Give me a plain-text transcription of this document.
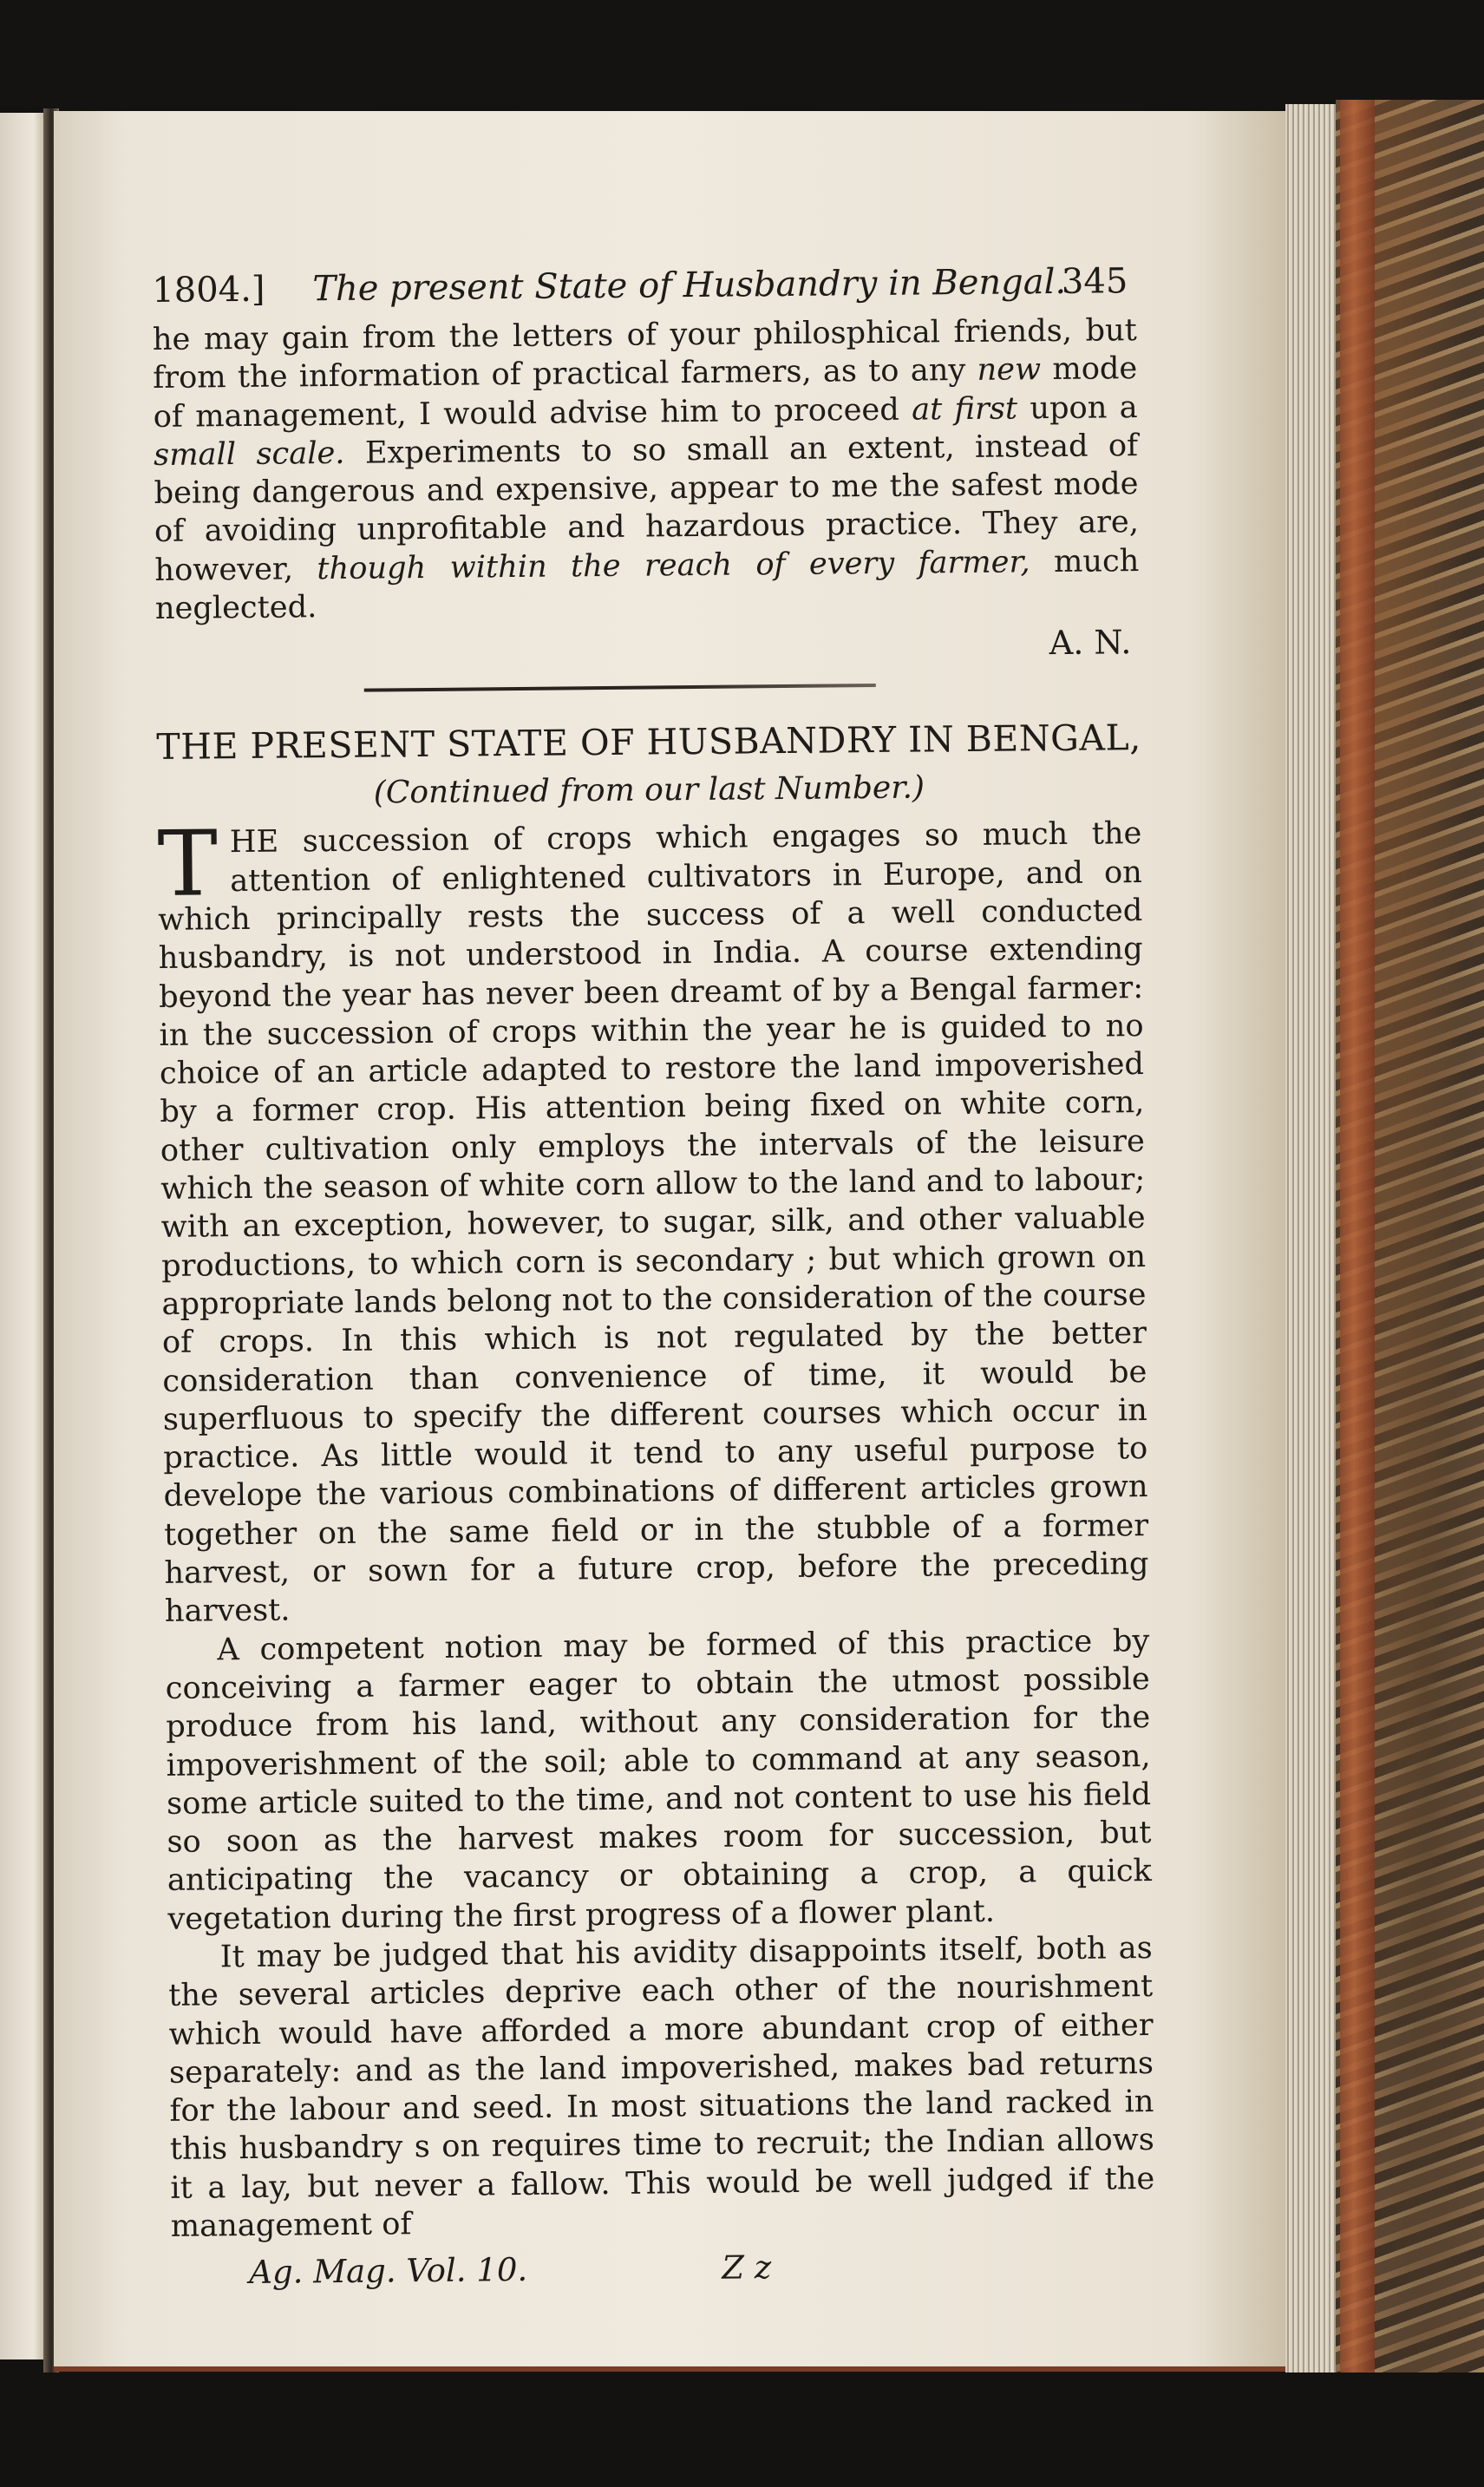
1804.] The present State of Husbandry in Bengal.
345

he may gain from the letters of your philosphical friends, but from the information of practical farmers, as to any new mode of management, I would advise him to proceed at first upon a small scale. Experiments to so small an extent, instead of being dangerous and expensive, appear to me the safest mode of avoiding unprofitable and hazardous practice. They are, however, though within the reach of every farmer, much neglected.

A. N.

THE PRESENT STATE OF HUSBANDRY IN BENGAL,
(Continued from our last Number.)
T HE succession of crops which engages so much the attention of enlightened cultivators in Europe, and on which principally rests the success of a well conducted husbandry, is not understood in India. A course extending beyond the year has never been dreamt of by a Bengal farmer: in the succession of crops within the year he is guided to no choice of an article adapted to restore the land impoverished by a former crop. His attention being fixed on white corn, other cultivation only employs the intervals of the leisure which the season of white corn allow to the land and to labour; with an exception, however, to sugar, silk, and other valuable productions, to which corn is secondary ; but which grown on appropriate lands belong not to the consideration of the course of crops. In this which is not regulated by the better consideration than convenience of time, it would be superfluous to specify the different courses which occur in practice. As little would it tend to any useful purpose to develope the various combinations of different articles grown together on the same field or in the stubble of a former harvest, or sown for a future crop, before the preceding harvest.

A competent notion may be formed of this practice by conceiving a farmer eager to obtain the utmost possible produce from his land, without any consideration for the impoverishment of the soil; able to command at any season, some article suited to the time, and not content to use his field so soon as the harvest makes room for succession, but anticipating the vacancy or obtaining a crop, a quick vegetation during the first progress of a flower plant.

It may be judged that his avidity disappoints itself, both as the several articles deprive each other of the nourishment which would have afforded a more abundant crop of either separately: and as the land impoverished, makes bad returns for the labour and seed. In most situations the land racked in this husbandry s on requires time to recruit; the Indian allows it a lay, but never a fallow. This would be well judged if the management of

Ag. Mag. Vol. 10.	Z z
